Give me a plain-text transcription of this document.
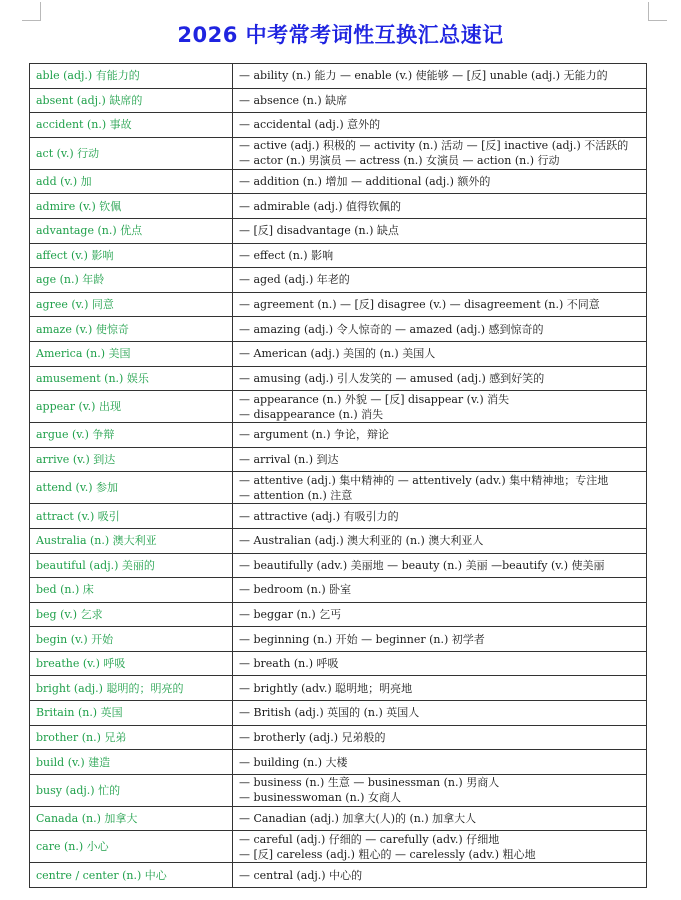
2026 中考常考词性互换汇总速记
able (adj.) 有能力的	— ability (n.) 能力 — enable (v.) 使能够 — [反] unable (adj.) 无能力的

absent (adj.) 缺席的	— absence (n.) 缺席

accident (n.) 事故	— accidental (adj.) 意外的

act (v.) 行动	— active (adj.) 积极的 — activity (n.) 活动 — [反] inactive (adj.) 不活跃的
— actor (n.) 男演员 — actress (n.) 女演员 — action (n.) 行动

add (v.) 加	— addition (n.) 增加 — additional (adj.) 额外的

admire (v.) 钦佩	— admirable (adj.) 值得钦佩的

advantage (n.) 优点	— [反] disadvantage (n.) 缺点

affect (v.) 影响	— effect (n.) 影响

age (n.) 年龄	— aged (adj.) 年老的

agree (v.) 同意	— agreement (n.) — [反] disagree (v.) — disagreement (n.) 不同意

amaze (v.) 使惊奇	— amazing (adj.) 令人惊奇的 — amazed (adj.) 感到惊奇的

America (n.) 美国	— American (adj.) 美国的 (n.) 美国人

amusement (n.) 娱乐	— amusing (adj.) 引人发笑的 — amused (adj.) 感到好笑的

appear (v.) 出现	— appearance (n.) 外貌 — [反] disappear (v.) 消失
— disappearance (n.) 消失

argue (v.) 争辩	— argument (n.) 争论，辩论

arrive (v.) 到达	— arrival (n.) 到达

attend (v.) 参加	— attentive (adj.) 集中精神的 — attentively (adv.) 集中精神地；专注地
— attention (n.) 注意

attract (v.) 吸引	— attractive (adj.) 有吸引力的

Australia (n.) 澳大利亚	— Australian (adj.) 澳大利亚的 (n.) 澳大利亚人

beautiful (adj.) 美丽的	— beautifully (adv.) 美丽地 — beauty (n.) 美丽 —beautify (v.) 使美丽

bed (n.) 床	— bedroom (n.) 卧室

beg (v.) 乞求	— beggar (n.) 乞丐

begin (v.) 开始	— beginning (n.) 开始 — beginner (n.) 初学者

breathe (v.) 呼吸	— breath (n.) 呼吸

bright (adj.) 聪明的；明亮的	— brightly (adv.) 聪明地；明亮地

Britain (n.) 英国	— British (adj.) 英国的 (n.) 英国人

brother (n.) 兄弟	— brotherly (adj.) 兄弟般的

build (v.) 建造	— building (n.) 大楼

busy (adj.) 忙的	— business (n.) 生意 — businessman (n.) 男商人
— businesswoman (n.) 女商人

Canada (n.) 加拿大	— Canadian (adj.) 加拿大(人)的 (n.) 加拿大人

care (n.) 小心	— careful (adj.) 仔细的 — carefully (adv.) 仔细地
— [反] careless (adj.) 粗心的 — carelessly (adv.) 粗心地

centre / center (n.) 中心	— central (adj.) 中心的
